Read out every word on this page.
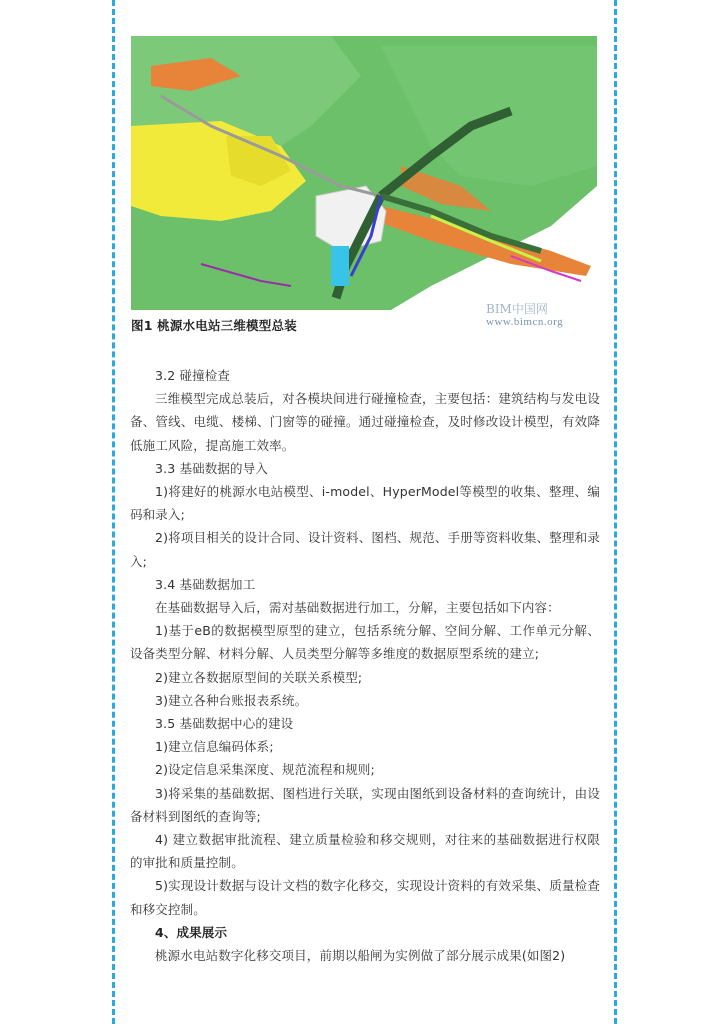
BIM中国网
www.bimcn.org
图1 桃源水电站三维模型总装

3.2 碰撞检查

三维模型完成总装后，对各模块间进行碰撞检查，主要包括：建筑结构与发电设备、管线、电缆、楼梯、门窗等的碰撞。通过碰撞检查，及时修改设计模型，有效降低施工风险，提高施工效率。

3.3 基础数据的导入

1)将建好的桃源水电站模型、i-model、HyperModel等模型的收集、整理、编码和录入;

2)将项目相关的设计合同、设计资料、图档、规范、手册等资料收集、整理和录入;

3.4 基础数据加工

在基础数据导入后，需对基础数据进行加工，分解，主要包括如下内容：

1)基于eB的数据模型原型的建立，包括系统分解、空间分解、工作单元分解、设备类型分解、材料分解、人员类型分解等多维度的数据原型系统的建立;

2)建立各数据原型间的关联关系模型;

3)建立各种台账报表系统。

3.5 基础数据中心的建设

1)建立信息编码体系;

2)设定信息采集深度、规范流程和规则;

3)将采集的基础数据、图档进行关联，实现由图纸到设备材料的查询统计，由设备材料到图纸的查询等;

4) 建立数据审批流程、建立质量检验和移交规则，对往来的基础数据进行权限的审批和质量控制。

5)实现设计数据与设计文档的数字化移交，实现设计资料的有效采集、质量检查和移交控制。

4、成果展示

桃源水电站数字化移交项目，前期以船闸为实例做了部分展示成果(如图2)
